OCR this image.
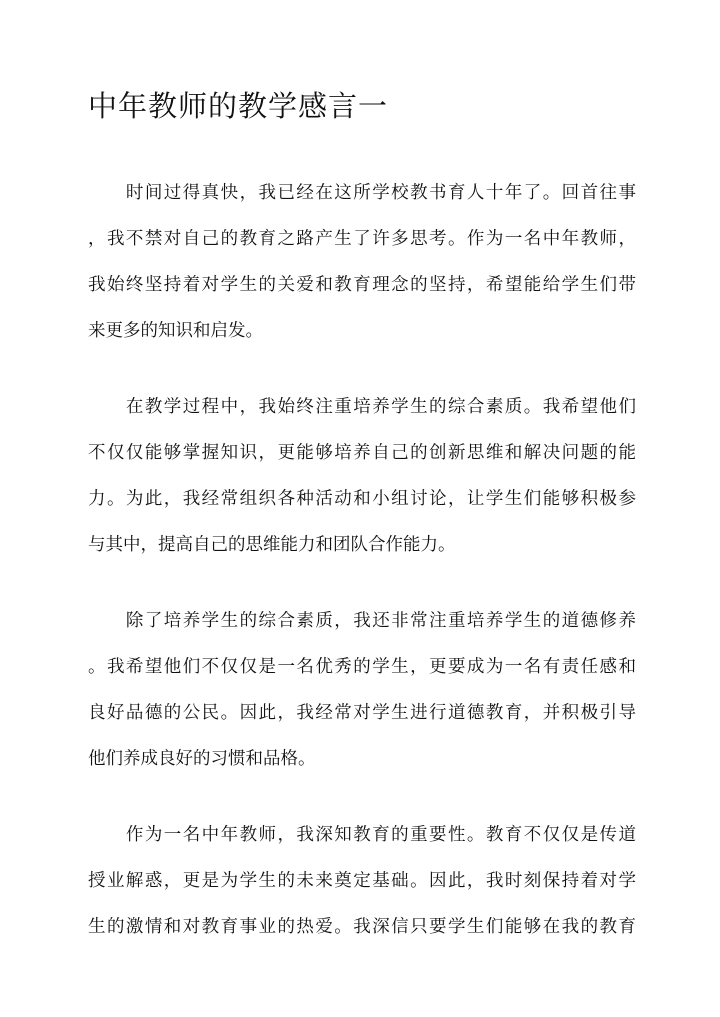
中年教师的教学感言一

　　时间过得真快，我已经在这所学校教书育人十年了。回首往事
，我不禁对自己的教育之路产生了许多思考。作为一名中年教师，
我始终坚持着对学生的关爱和教育理念的坚持，希望能给学生们带
来更多的知识和启发。

　　在教学过程中，我始终注重培养学生的综合素质。我希望他们
不仅仅能够掌握知识，更能够培养自己的创新思维和解决问题的能
力。为此，我经常组织各种活动和小组讨论，让学生们能够积极参
与其中，提高自己的思维能力和团队合作能力。

　　除了培养学生的综合素质，我还非常注重培养学生的道德修养
。我希望他们不仅仅是一名优秀的学生，更要成为一名有责任感和
良好品德的公民。因此，我经常对学生进行道德教育，并积极引导
他们养成良好的习惯和品格。

　　作为一名中年教师，我深知教育的重要性。教育不仅仅是传道
授业解惑，更是为学生的未来奠定基础。因此，我时刻保持着对学
生的激情和对教育事业的热爱。我深信只要学生们能够在我的教育
